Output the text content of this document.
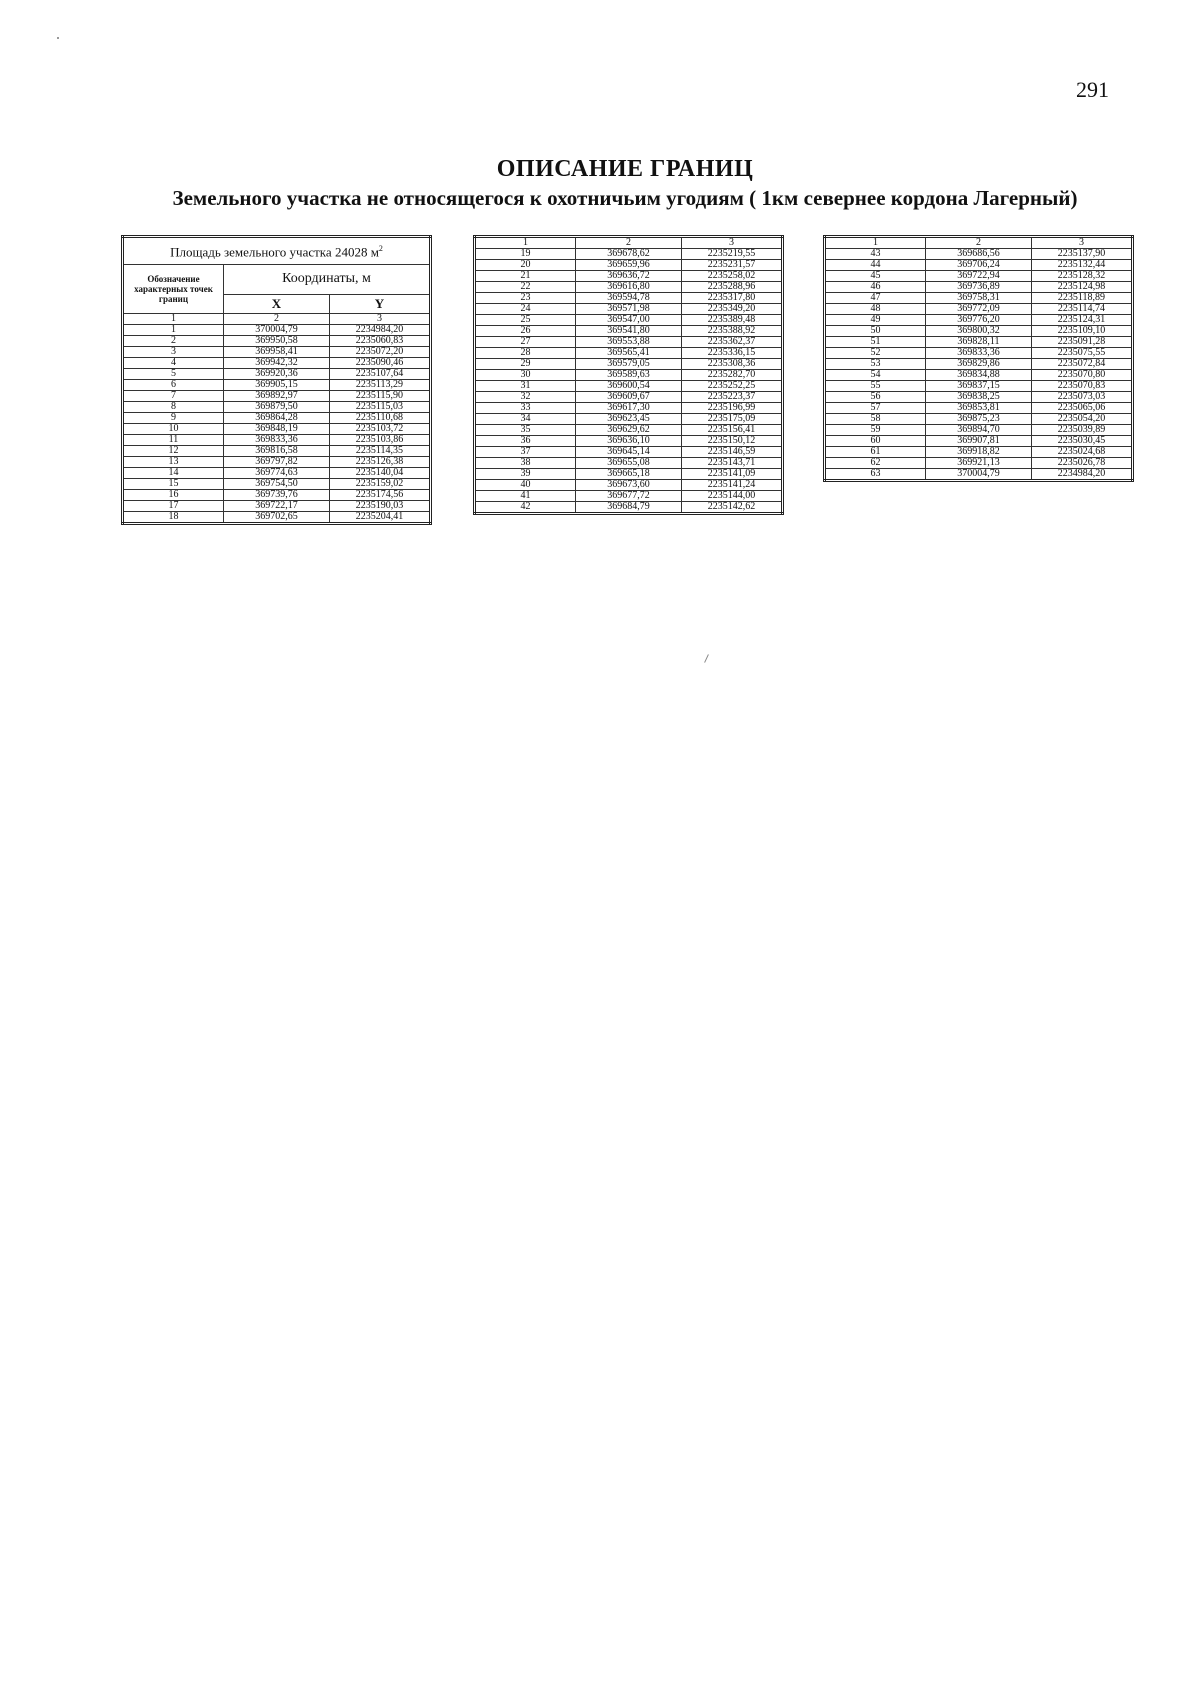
291
ОПИСАНИЕ ГРАНИЦ
Земельного участка не относящегося к охотничьим угодиям ( 1км севернее кордона Лагерный)
Площадь земельного участка 24028 $м^2$
Обозначение характерных точек границ	Координаты, м	
	X	Y
1	2	3
1	370004,79	2234984,20
2	369950,58	2235060,83
3	369958,41	2235072,20
4	369942,32	2235090,46
5	369920,36	2235107,64
6	369905,15	2235113,29
7	369892,97	2235115,90
8	369879,50	2235115,03
9	369864,28	2235110,68
10	369848,19	2235103,72
11	369833,36	2235103,86
12	369816,58	2235114,35
13	369797,82	2235126,38
14	369774,63	2235140,04
15	369754,50	2235159,02
16	369739,76	2235174,56
17	369722,17	2235190,03
18	369702,65	2235204,41
1	2	3
19	369678,62	2235219,55
20	369659,96	2235231,57
21	369636,72	2235258,02
22	369616,80	2235288,96
23	369594,78	2235317,80
24	369571,98	2235349,20
25	369547,00	2235389,48
26	369541,80	2235388,92
27	369553,88	2235362,37
28	369565,41	2235336,15
29	369579,05	2235308,36
30	369589,63	2235282,70
31	369600,54	2235252,25
32	369609,67	2235223,37
33	369617,30	2235196,99
34	369623,45	2235175,09
35	369629,62	2235156,41
36	369636,10	2235150,12
37	369645,14	2235146,59
38	369655,08	2235143,71
39	369665,18	2235141,09
40	369673,60	2235141,24
41	369677,72	2235144,00
42	369684,79	2235142,62
1	2	3
43	369686,56	2235137,90
44	369706,24	2235132,44
45	369722,94	2235128,32
46	369736,89	2235124,98
47	369758,31	2235118,89
48	369772,09	2235114,74
49	369776,20	2235124,31
50	369800,32	2235109,10
51	369828,11	2235091,28
52	369833,36	2235075,55
53	369829,86	2235072,84
54	369834,88	2235070,80
55	369837,15	2235070,83
56	369838,25	2235073,03
57	369853,81	2235065,06
58	369875,23	2235054,20
59	369894,70	2235039,89
60	369907,81	2235030,45
61	369918,82	2235024,68
62	369921,13	2235026,78
63	370004,79	2234984,20
